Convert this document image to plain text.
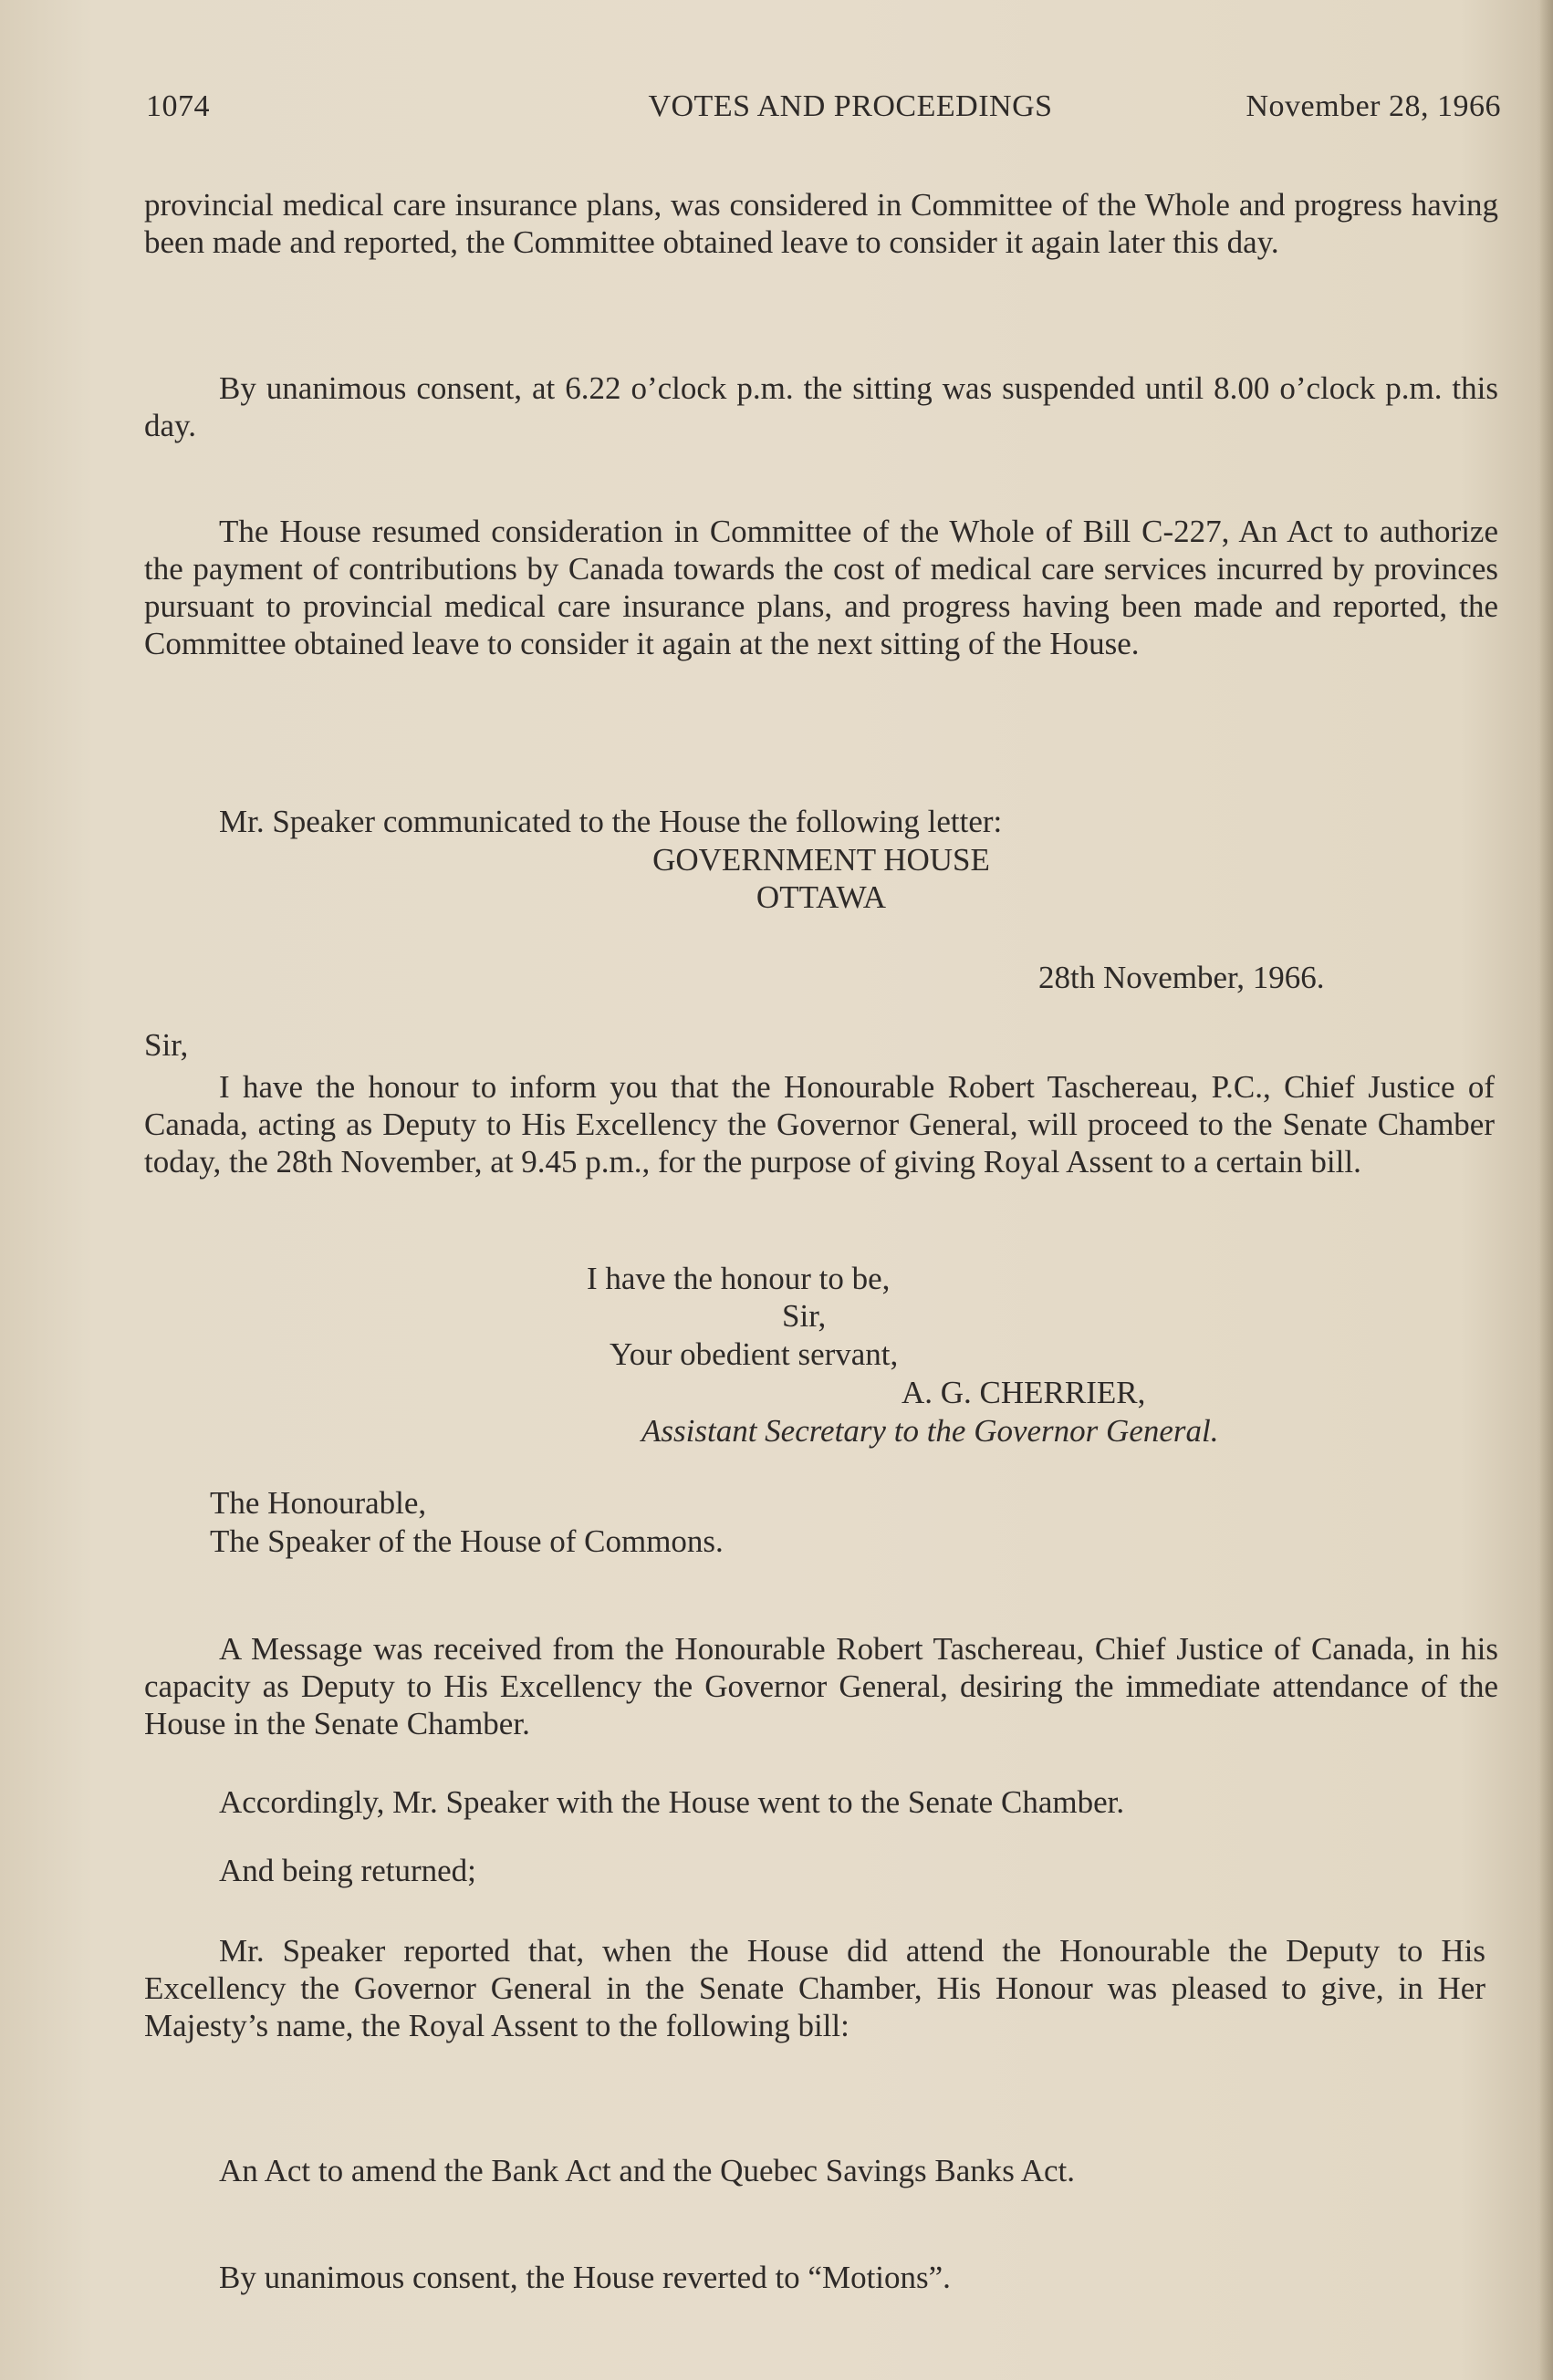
1074	VOTES AND PROCEEDINGS	November 28, 1966
provincial medical care insurance plans, was considered in Committee of the Whole and progress having been made and reported, the Committee obtained leave to consider it again later this day.
By unanimous consent, at 6.22 o’clock p.m. the sitting was suspended until 8.00 o’clock p.m. this day.
The House resumed consideration in Committee of the Whole of Bill C-227, An Act to authorize the payment of contributions by Canada towards the cost of medical care services incurred by provinces pursuant to provincial medical care insurance plans, and progress having been made and reported, the Committee obtained leave to consider it again at the next sitting of the House.
Mr. Speaker communicated to the House the following letter:
GOVERNMENT HOUSE
OTTAWA
28th November, 1966.
Sir,
I have the honour to inform you that the Honourable Robert Taschereau, P.C., Chief Justice of Canada, acting as Deputy to His Excellency the Governor General, will proceed to the Senate Chamber today, the 28th November, at 9.45 p.m., for the purpose of giving Royal Assent to a certain bill.
I have the honour to be,
Sir,
Your obedient servant,
A. G. CHERRIER,
Assistant Secretary to the Governor General.
The Honourable,
The Speaker of the House of Commons.
A Message was received from the Honourable Robert Taschereau, Chief Justice of Canada, in his capacity as Deputy to His Excellency the Governor General, desiring the immediate attendance of the House in the Senate Chamber.
Accordingly, Mr. Speaker with the House went to the Senate Chamber.
And being returned;
Mr. Speaker reported that, when the House did attend the Honourable the Deputy to His Excellency the Governor General in the Senate Chamber, His Honour was pleased to give, in Her Majesty’s name, the Royal Assent to the following bill:
An Act to amend the Bank Act and the Quebec Savings Banks Act.
By unanimous consent, the House reverted to “Motions”.
